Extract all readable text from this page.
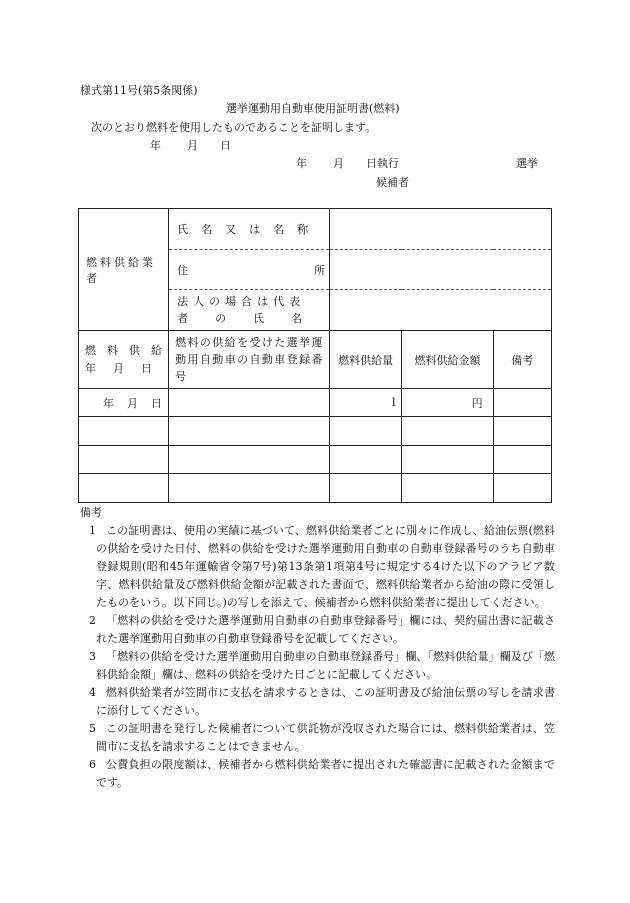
様式第11号(第5条関係)
選挙運動用自動車使用証明書(燃料)
次のとおり燃料を使用したものであることを証明します。
年 月 日
年 月 日執行	選挙
候補者
燃料供給業者	氏名又は名称			

	住所			

	法人の場合は代表
者の氏名			

燃料供給
年月日	燃料の供給を受けた選挙運動用自動車の自動車登録番号	燃料供給量	燃料供給金額	備考

年 月 日		l	円	

備考
1 この証明書は、使用の実績に基づいて、燃料供給業者ごとに別々に作成し、給油伝票(燃料の供給を受けた日付、燃料の供給を受けた選挙運動用自動車の自動車登録番号のうち自動車登録規則(昭和45年運輸省令第7号)第13条第1項第4号に規定する4けた以下のアラビア数字、燃料供給量及び燃料供給金額が記載された書面で、燃料供給業者から給油の際に受領したものをいう。以下同じ。)の写しを添えて、候補者から燃料供給業者に提出してください。
2 「燃料の供給を受けた選挙運動用自動車の自動車登録番号」欄には、契約届出書に記載された選挙運動用自動車の自動車登録番号を記載してください。
3 「燃料の供給を受けた選挙運動用自動車の自動車登録番号」欄、「燃料供給量」欄及び「燃料供給金額」欄は、燃料の供給を受けた日ごとに記載してください。
4 燃料供給業者が笠間市に支払を請求するときは、この証明書及び給油伝票の写しを請求書に添付してください。
5 この証明書を発行した候補者について供託物が没収された場合には、燃料供給業者は、笠間市に支払を請求することはできません。
6 公費負担の限度額は、候補者から燃料供給業者に提出された確認書に記載された金額までです。
